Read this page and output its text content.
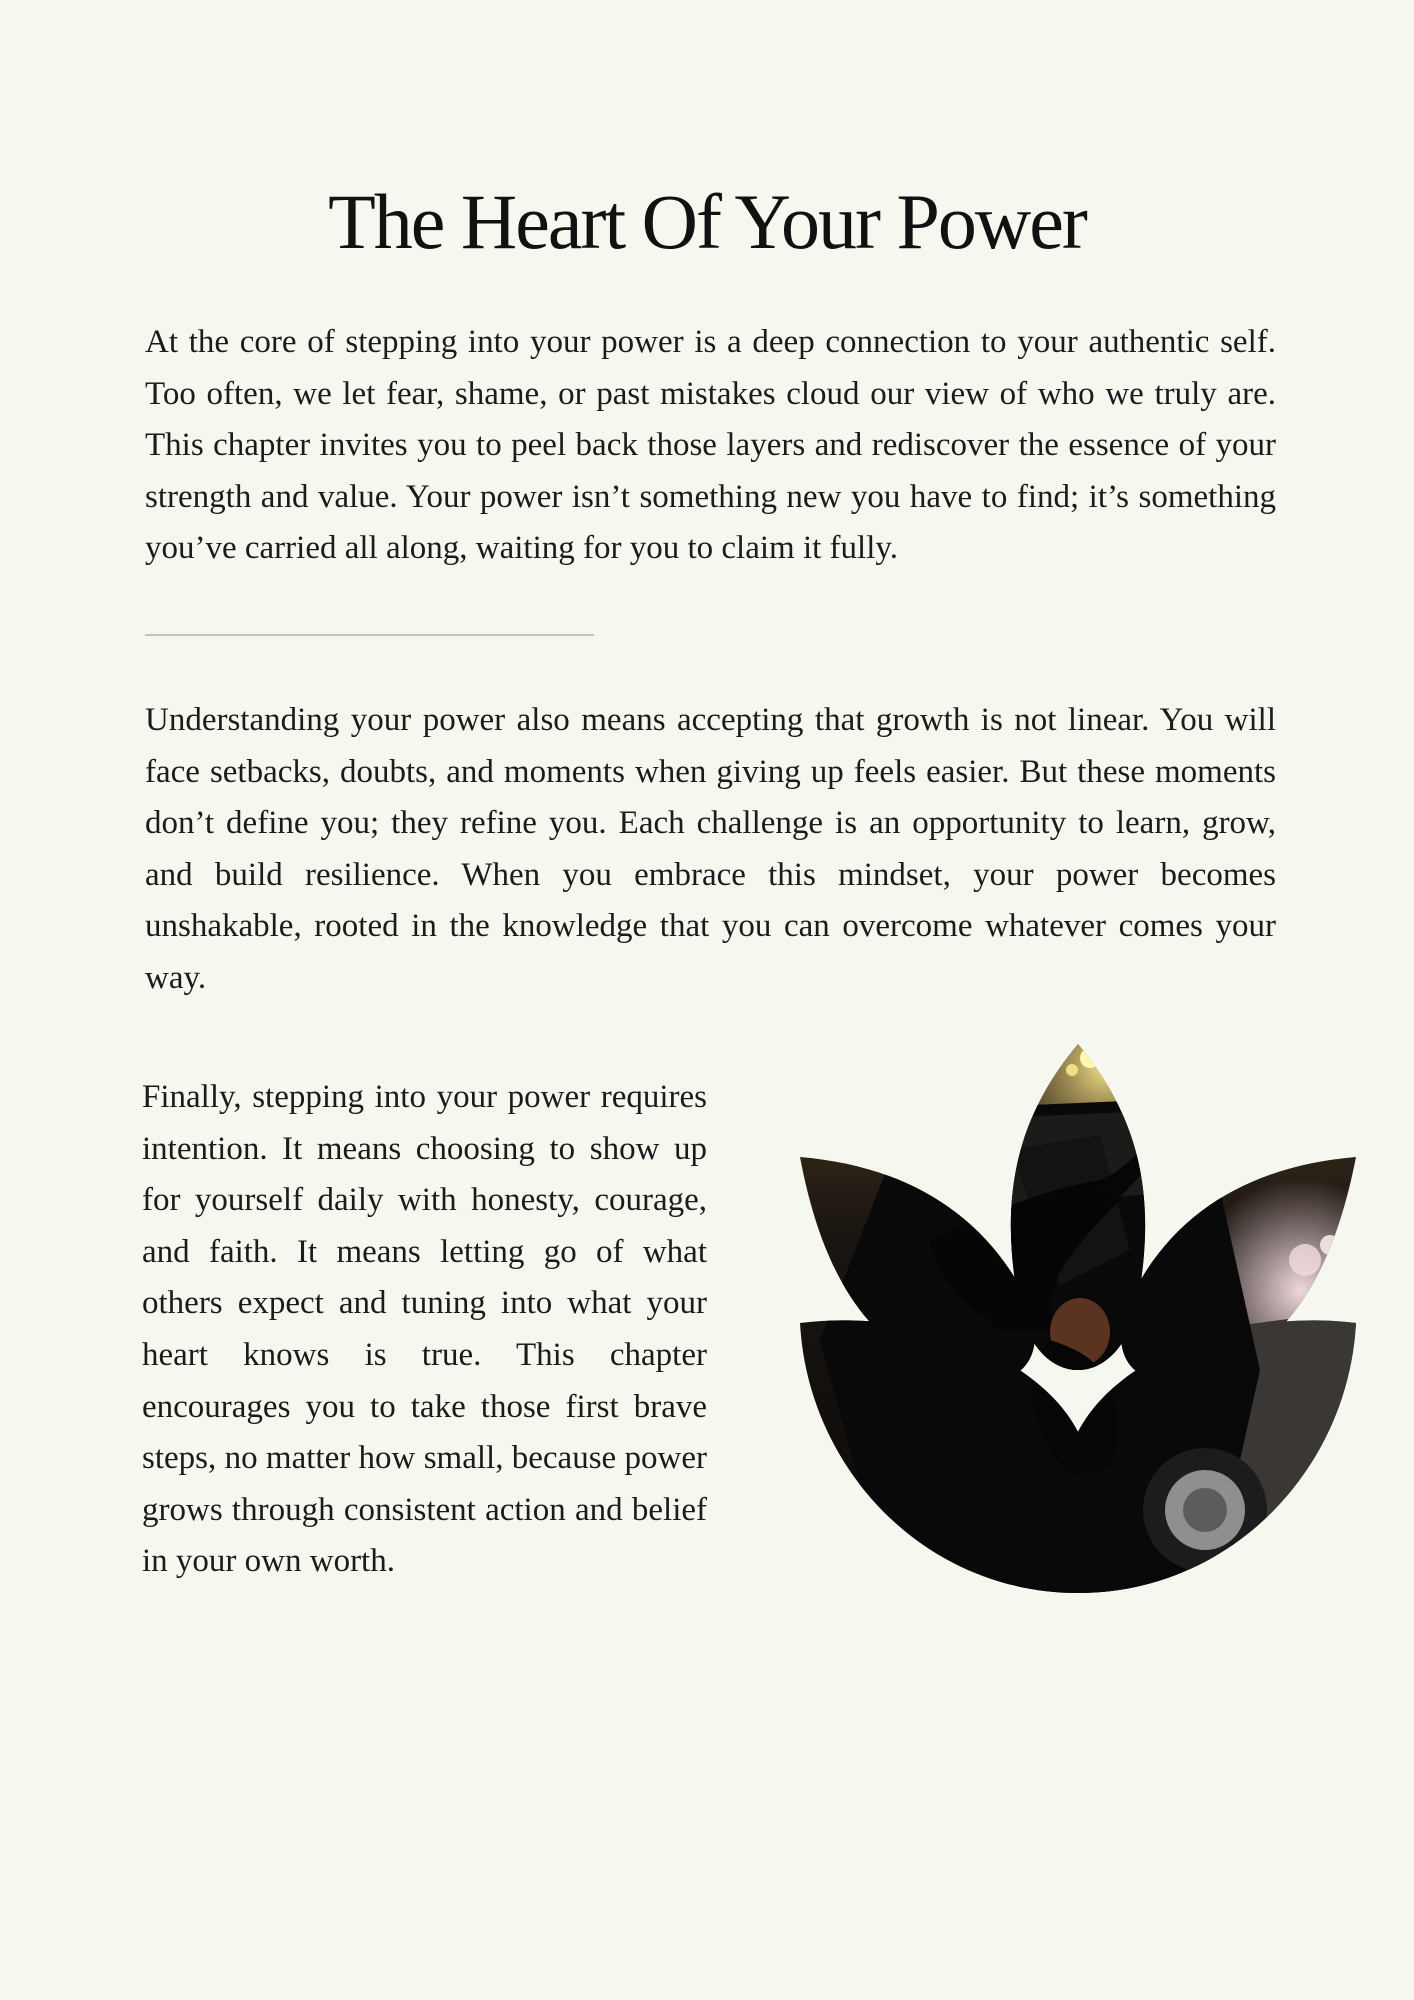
The Heart Of Your Power

At the core of stepping into your power is a deep connection to your authentic self. Too often, we let fear, shame, or past mistakes cloud our view of who we truly are. This chapter invites you to peel back those layers and rediscover the essence of your strength and value. Your power isn’t something new you have to find; it’s something you’ve carried all along, waiting for you to claim it fully.

Understanding your power also means accepting that growth is not linear. You will face setbacks, doubts, and moments when giving up feels easier. But these moments don’t define you; they refine you. Each challenge is an opportunity to learn, grow, and build resilience. When you embrace this mindset, your power becomes unshakable, rooted in the knowledge that you can overcome whatever comes your way.

Finally, stepping into your power requires intention. It means choosing to show up for yourself daily with honesty, courage, and faith. It means letting go of what others expect and tuning into what your heart knows is true. This chapter encourages you to take those first brave steps, no matter how small, because power grows through consistent action and belief in your own worth.
